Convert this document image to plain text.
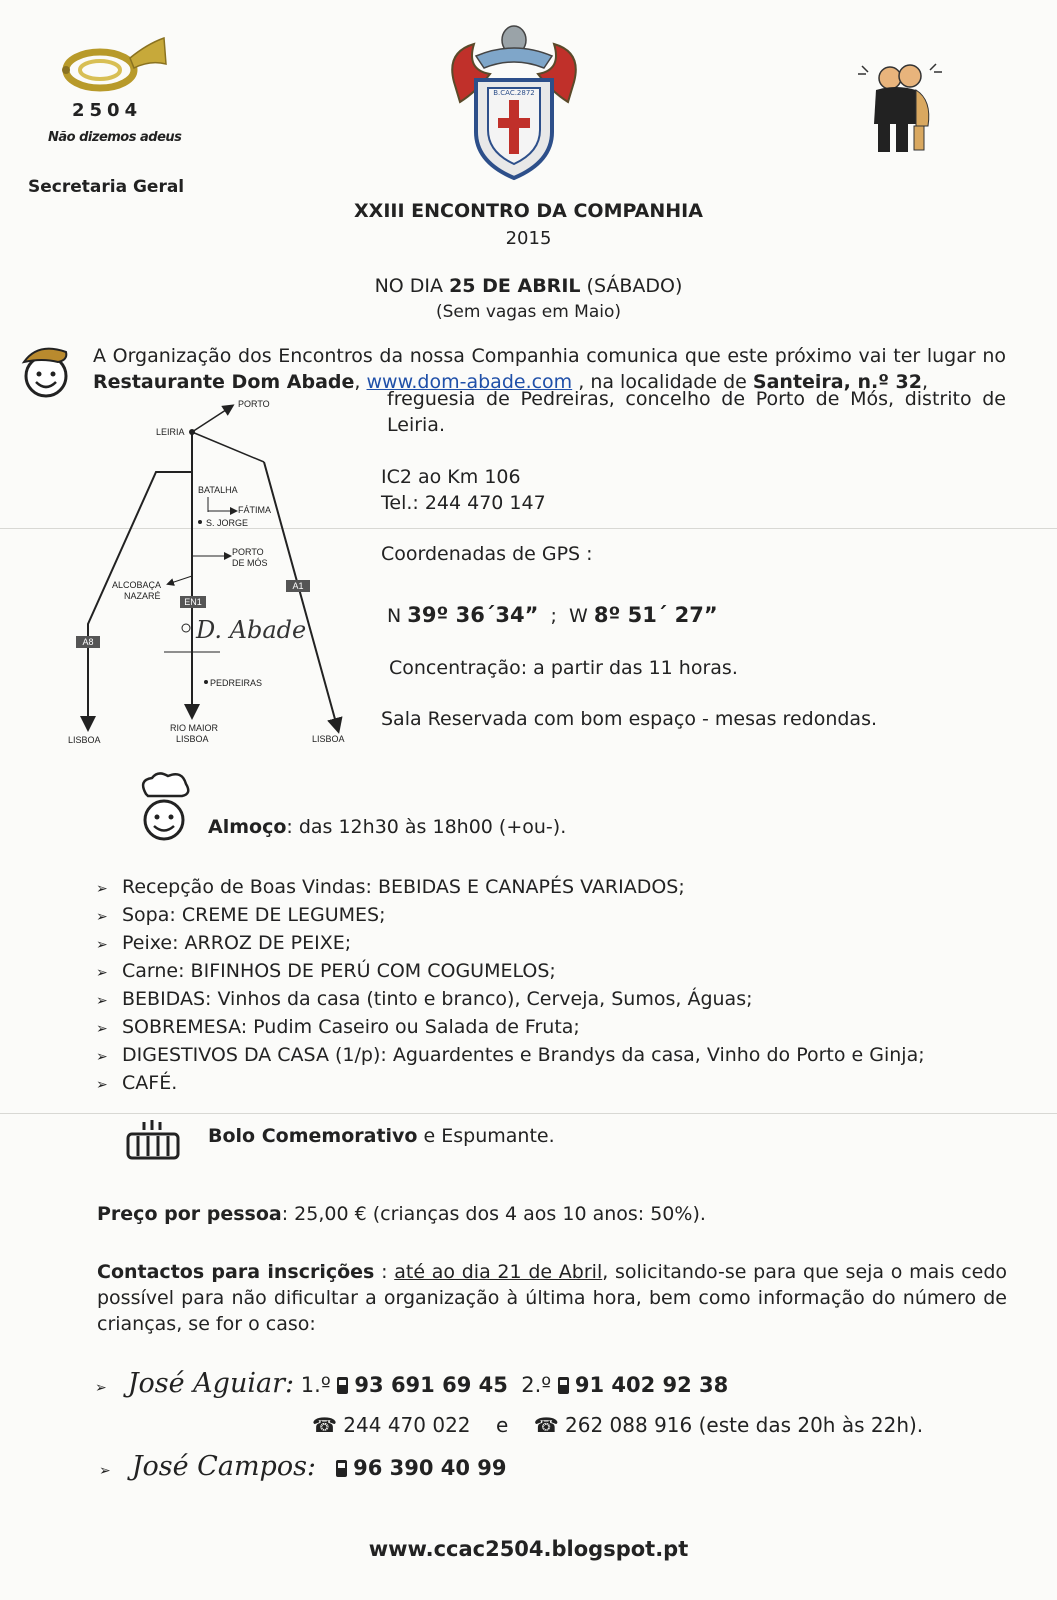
2504
Não dizemos adeus
Secretaria Geral
B.CAC.2872
XXIII ENCONTRO DA COMPANHIA
2015
NO DIA 25 DE ABRIL (SÁBADO)
(Sem vagas em Maio)
A Organização dos Encontros da nossa Companhia comunica que este próximo vai ter lugar no Restaurante Dom Abade, www.dom-abade.com , na localidade de Santeira, n.º 32,
freguesia de Pedreiras, concelho de Porto de Mós, distrito de Leiria.
IC2 ao Km 106
Tel.: 244 470 147
Coordenadas de GPS :
N 39º 36´34” ; W 8º 51´ 27”
Concentração: a partir das 11 horas.
Sala Reservada com bom espaço - mesas redondas.
PORTO
LEIRIA
BATALHA
FÁTIMA
S. JORGE
PORTO
DE MÓS
ALCOBAÇA
NAZARÉ
EN1
A1
A8	D. Abade
PEDREIRAS
LISBOA
RIO MAIOR
LISBOA	LISBOA
Almoço: das 12h30 às 18h00 (+ou-).
➢ Recepção de Boas Vindas: BEBIDAS E CANAPÉS VARIADOS;
➢ Sopa: CREME DE LEGUMES;
➢ Peixe: ARROZ DE PEIXE;
➢ Carne: BIFINHOS DE PERÚ COM COGUMELOS;
➢ BEBIDAS: Vinhos da casa (tinto e branco), Cerveja, Sumos, Águas;
➢ SOBREMESA: Pudim Caseiro ou Salada de Fruta;
➢ DIGESTIVOS DA CASA (1/p): Aguardentes e Brandys da casa, Vinho do Porto e Ginja;
➢ CAFÉ.
Bolo Comemorativo e Espumante.
Preço por pessoa: 25,00 € (crianças dos 4 aos 10 anos: 50%).
Contactos para inscrições : até ao dia 21 de Abril, solicitando-se para que seja o mais cedo possível para não dificultar a organização à última hora, bem como informação do número de crianças, se for o caso:
➢ José Aguiar: 1.º 93 691 69 45 2.º 91 402 92 38
☎ 244 470 022 e ☎ 262 088 916 (este das 20h às 22h).
➢ José Campos: 96 390 40 99
www.ccac2504.blogspot.pt
